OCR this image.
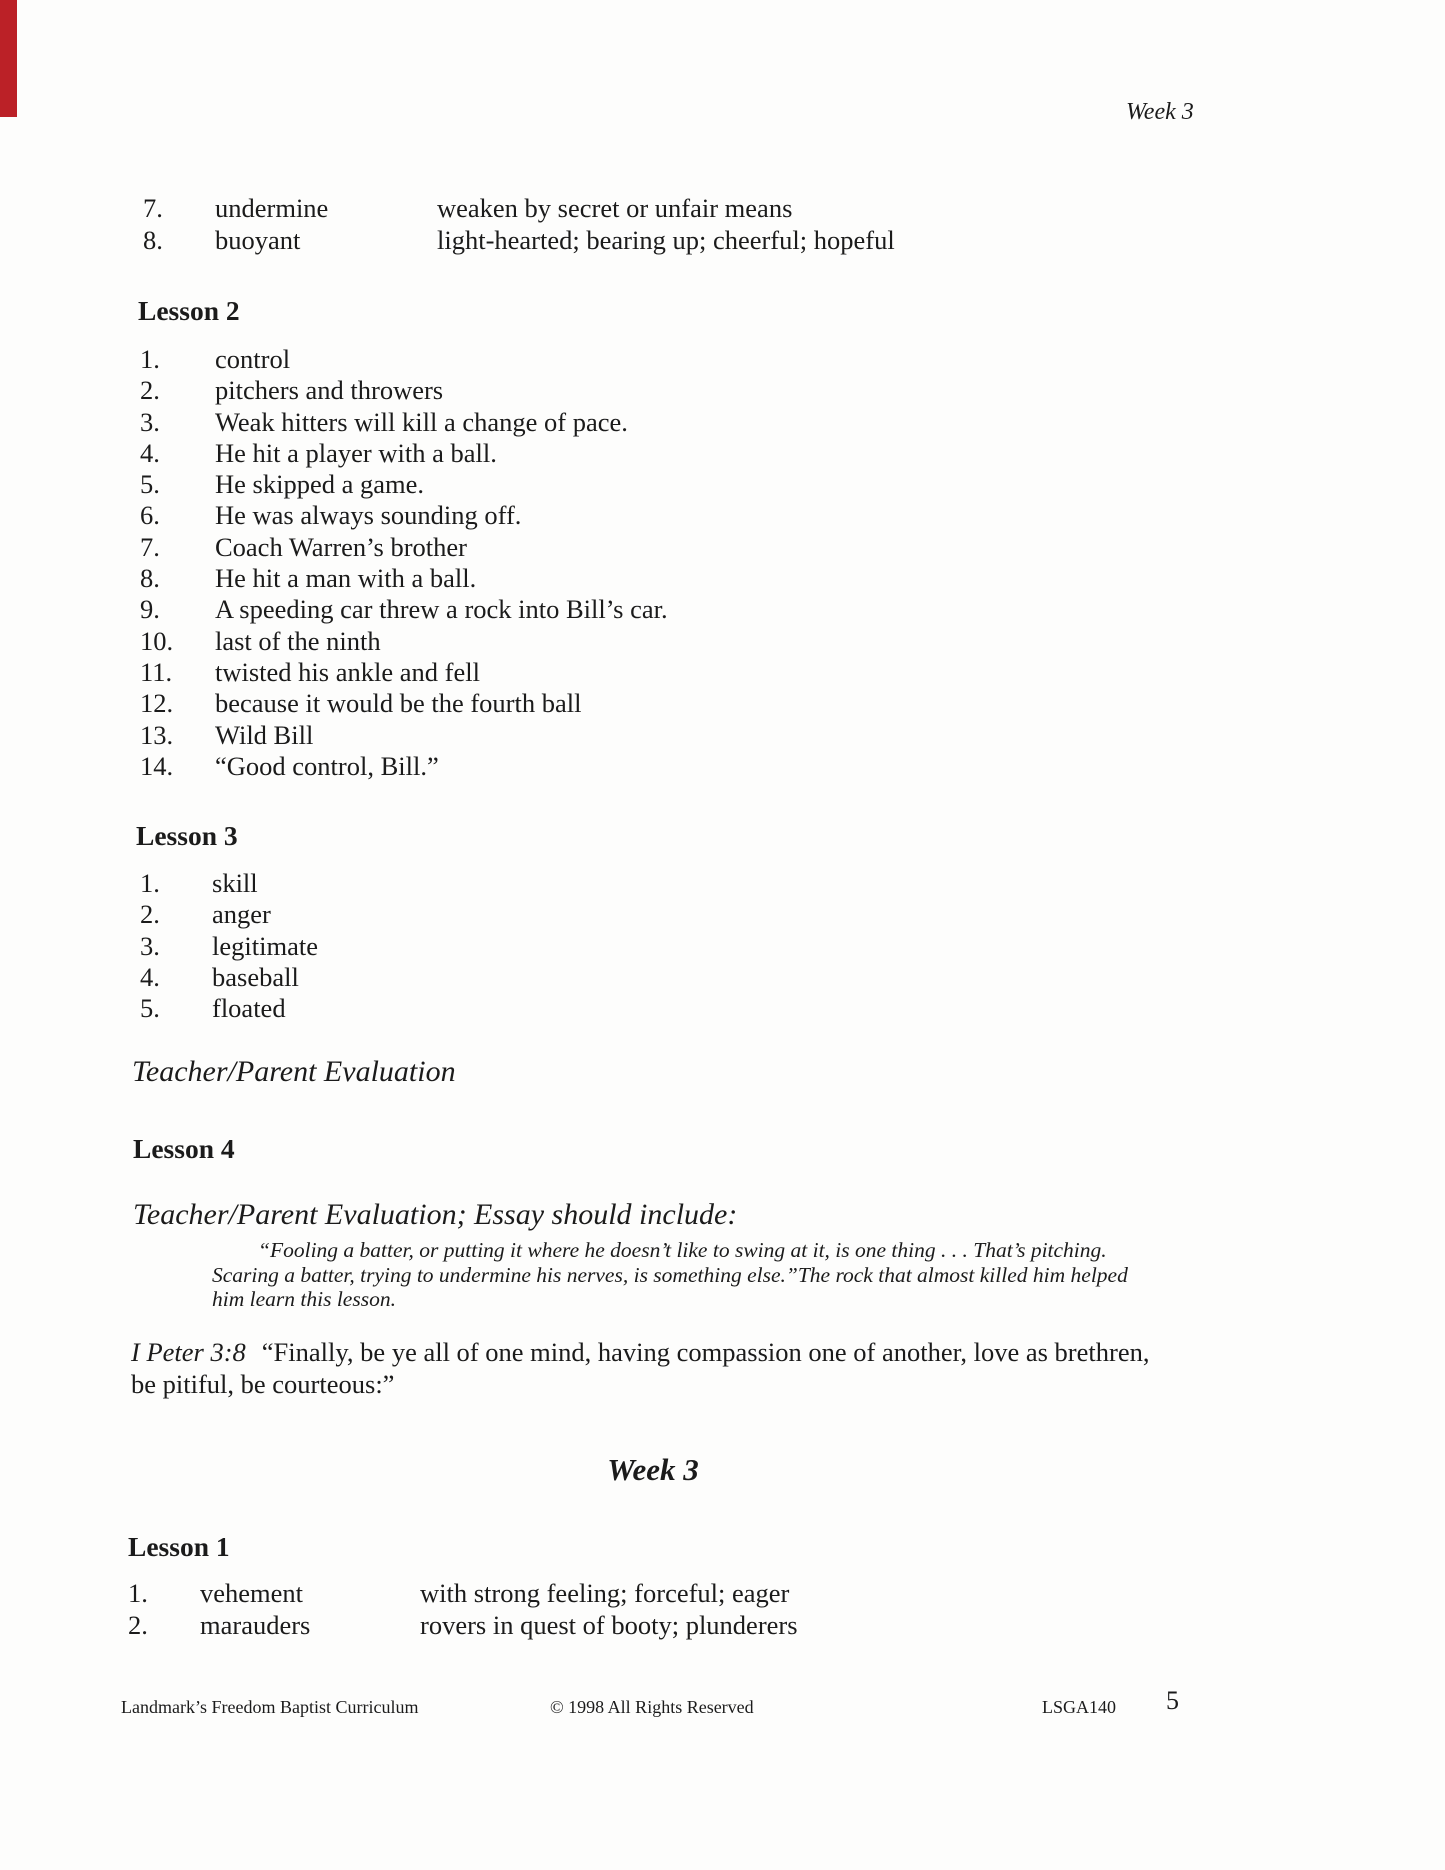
Week 3
7. undermine	weaken by secret or unfair means
8. buoyant	light-hearted; bearing up; cheerful; hopeful
Lesson 2
1. control
2. pitchers and throwers
3. Weak hitters will kill a change of pace.
4. He hit a player with a ball.
5. He skipped a game.
6. He was always sounding off.
7. Coach Warren’s brother
8. He hit a man with a ball.
9. A speeding car threw a rock into Bill’s car.
10. last of the ninth
11. twisted his ankle and fell
12. because it would be the fourth ball
13. Wild Bill
14. “Good control, Bill.”
Lesson 3
1. skill
2. anger
3. legitimate
4. baseball
5. floated
Teacher/Parent Evaluation
Lesson 4
Teacher/Parent Evaluation; Essay should include:
“Fooling a batter, or putting it where he doesn’t like to swing at it, is one thing . . . That’s pitching.
Scaring a batter, trying to undermine his nerves, is something else.”The rock that almost killed him helped
him learn this lesson.
I Peter 3:8 “Finally, be ye all of one mind, having compassion one of another, love as brethren,
be pitiful, be courteous:”
Week 3
Lesson 1
1. vehement	with strong feeling; forceful; eager
2. marauders	rovers in quest of booty; plunderers
Landmark’s Freedom Baptist Curriculum	© 1998 All Rights Reserved	LSGA140 5
